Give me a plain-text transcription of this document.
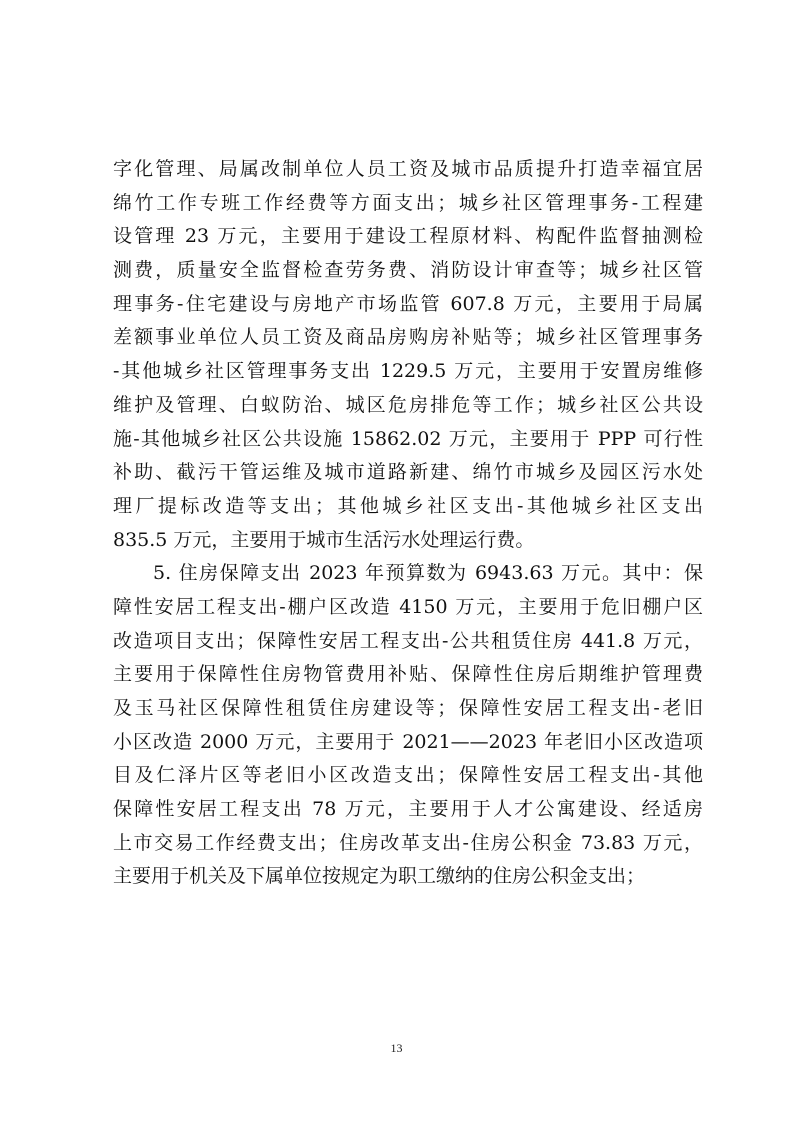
字化管理、局属改制单位人员工资及城市品质提升打造幸福宜居
绵竹工作专班工作经费等方面支出；城乡社区管理事务-工程建
设管理 23 万元，主要用于建设工程原材料、构配件监督抽测检
测费，质量安全监督检查劳务费、消防设计审查等；城乡社区管
理事务-住宅建设与房地产市场监管 607.8 万元，主要用于局属
差额事业单位人员工资及商品房购房补贴等；城乡社区管理事务
-其他城乡社区管理事务支出 1229.5 万元，主要用于安置房维修
维护及管理、白蚁防治、城区危房排危等工作；城乡社区公共设
施-其他城乡社区公共设施 15862.02 万元，主要用于 PPP 可行性
补助、截污干管运维及城市道路新建、绵竹市城乡及园区污水处
理厂提标改造等支出；其他城乡社区支出-其他城乡社区支出
835.5 万元，主要用于城市生活污水处理运行费。
5. 住房保障支出 2023 年预算数为 6943.63 万元。其中：保
障性安居工程支出-棚户区改造 4150 万元，主要用于危旧棚户区
改造项目支出；保障性安居工程支出-公共租赁住房 441.8 万元，
主要用于保障性住房物管费用补贴、保障性住房后期维护管理费
及玉马社区保障性租赁住房建设等；保障性安居工程支出-老旧
小区改造 2000 万元，主要用于 2021——2023 年老旧小区改造项
目及仁泽片区等老旧小区改造支出；保障性安居工程支出-其他
保障性安居工程支出 78 万元，主要用于人才公寓建设、经适房
上市交易工作经费支出；住房改革支出-住房公积金 73.83 万元，
主要用于机关及下属单位按规定为职工缴纳的住房公积金支出；
13
